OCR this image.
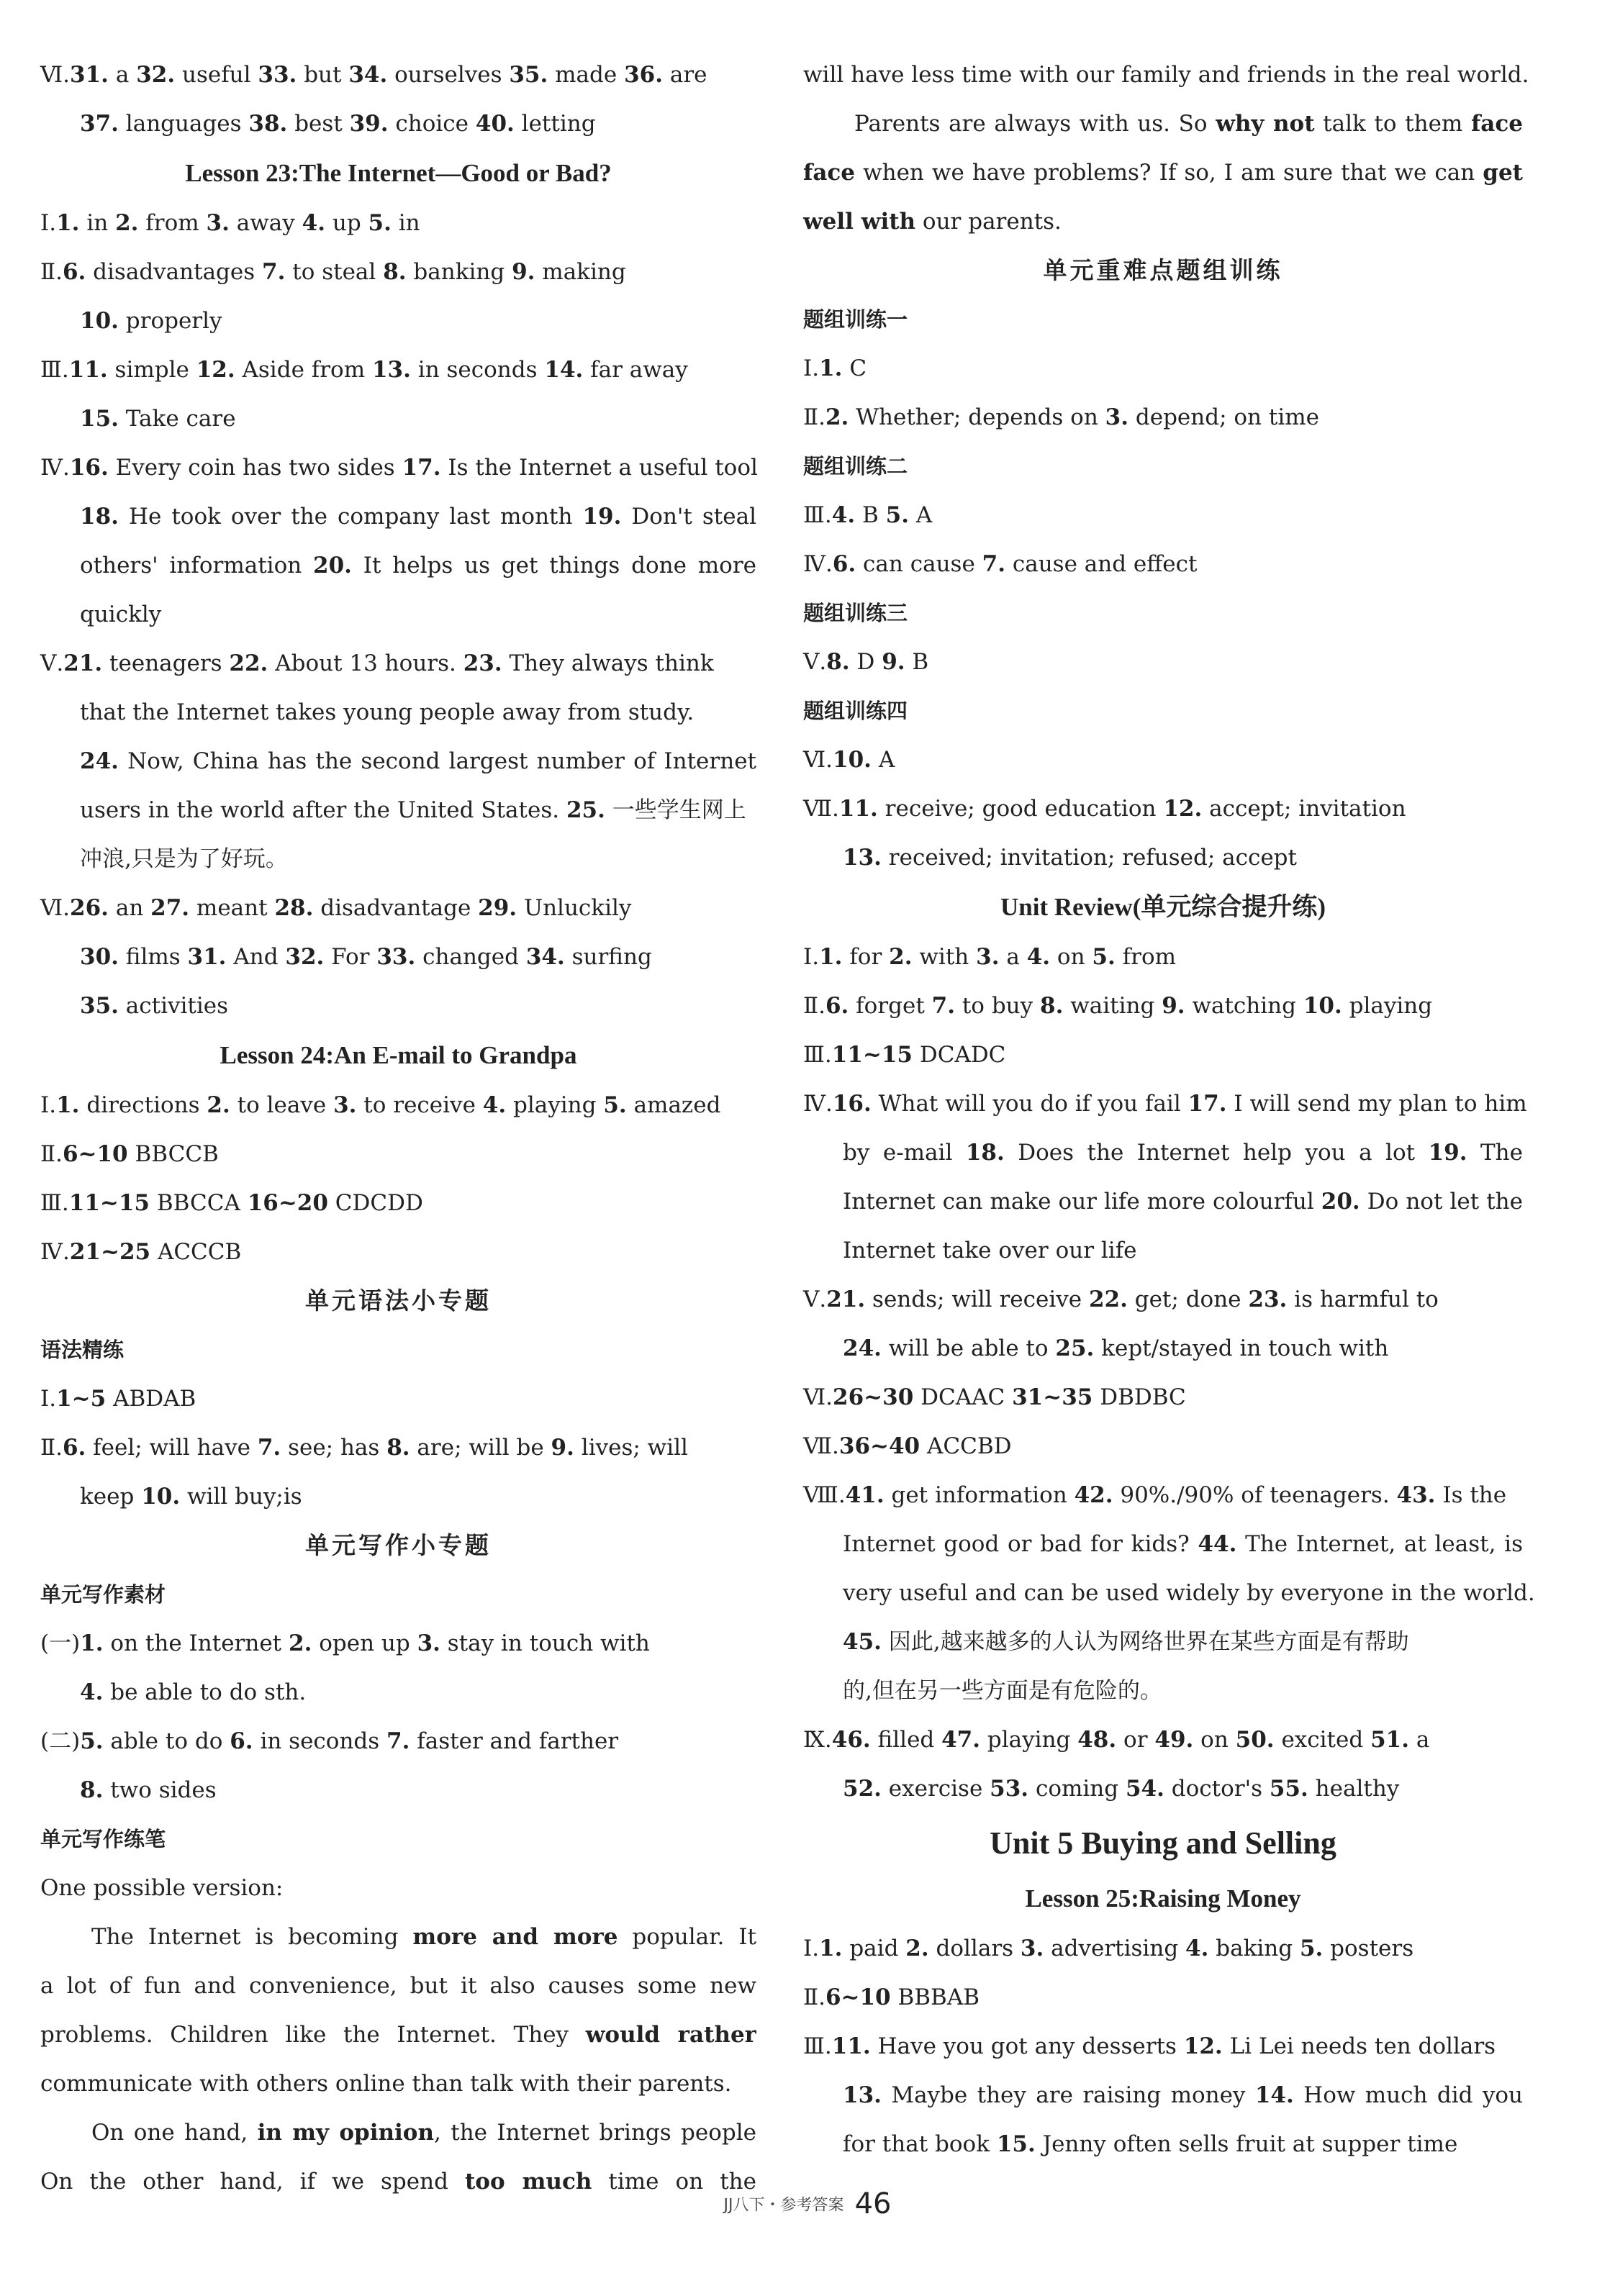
Ⅵ.31. a 32. useful 33. but 34. ourselves 35. made 36. are
37. languages 38. best 39. choice 40. letting
Lesson 23:The Internet—Good or Bad?
Ⅰ.1. in 2. from 3. away 4. up 5. in
Ⅱ.6. disadvantages 7. to steal 8. banking 9. making
10. properly
Ⅲ.11. simple 12. Aside from 13. in seconds 14. far away
15. Take care
Ⅳ.16. Every coin has two sides 17. Is the Internet a useful tool
18. He took over the company last month 19. Don't steal
others' information 20. It helps us get things done more
quickly
Ⅴ.21. teenagers 22. About 13 hours. 23. They always think
that the Internet takes young people away from study.
24. Now, China has the second largest number of Internet
users in the world after the United States. 25. 一些学生网上
冲浪,只是为了好玩。
Ⅵ.26. an 27. meant 28. disadvantage 29. Unluckily
30. films 31. And 32. For 33. changed 34. surfing
35. activities
Lesson 24:An E-mail to Grandpa
Ⅰ.1. directions 2. to leave 3. to receive 4. playing 5. amazed
Ⅱ.6~10 BBCCB
Ⅲ.11~15 BBCCA 16~20 CDCDD
Ⅳ.21~25 ACCCB
单元语法小专题
语法精练
Ⅰ.1~5 ABDAB
Ⅱ.6. feel; will have 7. see; has 8. are; will be 9. lives; will
keep 10. will buy;is
单元写作小专题
单元写作素材
(一)1. on the Internet 2. open up 3. stay in touch with
4. be able to do sth.
(二)5. able to do 6. in seconds 7. faster and farther
8. two sides
单元写作练笔
One possible version:
The Internet is becoming more and more popular. It
a lot of fun and convenience, but it also causes some new
problems. Children like the Internet. They would rather
communicate with others online than talk with their parents.
On one hand, in my opinion, the Internet brings people
On the other hand, if we spend too much time on the
will have less time with our family and friends in the real world.
Parents are always with us. So why not talk to them face
face when we have problems? If so, I am sure that we can get
well with our parents.
单元重难点题组训练
题组训练一
Ⅰ.1. C
Ⅱ.2. Whether; depends on 3. depend; on time
题组训练二
Ⅲ.4. B 5. A
Ⅳ.6. can cause 7. cause and effect
题组训练三
Ⅴ.8. D 9. B
题组训练四
Ⅵ.10. A
Ⅶ.11. receive; good education 12. accept; invitation
13. received; invitation; refused; accept
Unit Review(单元综合提升练)
Ⅰ.1. for 2. with 3. a 4. on 5. from
Ⅱ.6. forget 7. to buy 8. waiting 9. watching 10. playing
Ⅲ.11~15 DCADC
Ⅳ.16. What will you do if you fail 17. I will send my plan to him
by e-mail 18. Does the Internet help you a lot 19. The
Internet can make our life more colourful 20. Do not let the
Internet take over our life
Ⅴ.21. sends; will receive 22. get; done 23. is harmful to
24. will be able to 25. kept/stayed in touch with
Ⅵ.26~30 DCAAC 31~35 DBDBC
Ⅶ.36~40 ACCBD
Ⅷ.41. get information 42. 90%./90% of teenagers. 43. Is the
Internet good or bad for kids? 44. The Internet, at least, is
very useful and can be used widely by everyone in the world.
45. 因此,越来越多的人认为网络世界在某些方面是有帮助
的,但在另一些方面是有危险的。
Ⅸ.46. filled 47. playing 48. or 49. on 50. excited 51. a
52. exercise 53. coming 54. doctor's 55. healthy
Unit 5 Buying and Selling
Lesson 25:Raising Money
Ⅰ.1. paid 2. dollars 3. advertising 4. baking 5. posters
Ⅱ.6~10 BBBAB
Ⅲ.11. Have you got any desserts 12. Li Lei needs ten dollars
13. Maybe they are raising money 14. How much did you
for that book 15. Jenny often sells fruit at supper time
JJ八下・参考答案 46
